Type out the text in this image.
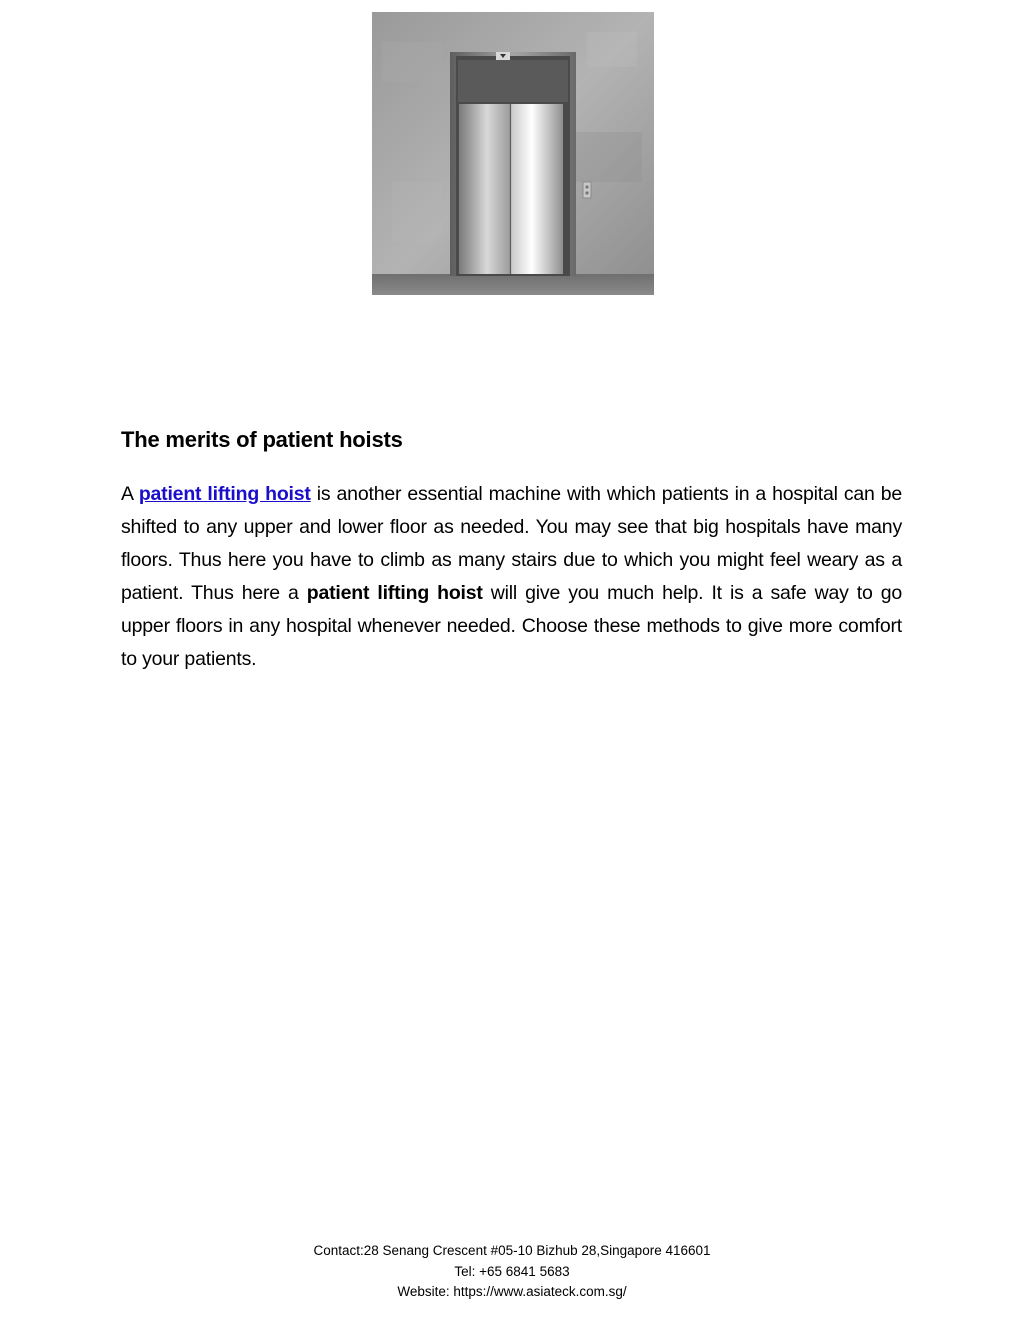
The merits of patient hoists

A patient lifting hoist is another essential machine with which patients in a hospital can be shifted to any upper and lower floor as needed. You may see that big hospitals have many floors. Thus here you have to climb as many stairs due to which you might feel weary as a patient. Thus here a patient lifting hoist will give you much help. It is a safe way to go upper floors in any hospital whenever needed. Choose these methods to give more comfort to your patients.

Contact:28 Senang Crescent #05-10 Bizhub 28,Singapore 416601
Tel: +65 6841 5683
Website: https://www.asiateck.com.sg/
